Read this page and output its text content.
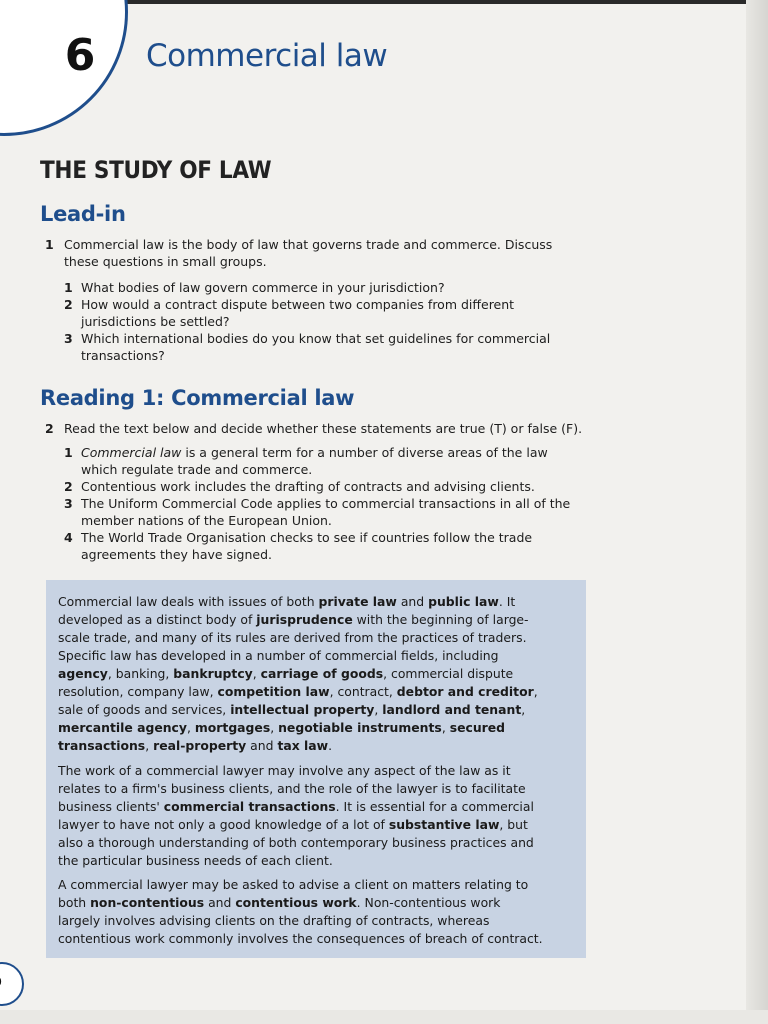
6	Commercial law
THE STUDY OF LAW
Lead-in
1 Commercial law is the body of law that governs trade and commerce. Discuss these questions in small groups.
1 What bodies of law govern commerce in your jurisdiction?
2 How would a contract dispute between two companies from different jurisdictions be settled?
3 Which international bodies do you know that set guidelines for commercial transactions?
Reading 1: Commercial law
2 Read the text below and decide whether these statements are true (T) or false (F).
1 Commercial law is a general term for a number of diverse areas of the law which regulate trade and commerce.
2 Contentious work includes the drafting of contracts and advising clients.
3 The Uniform Commercial Code applies to commercial transactions in all of the member nations of the European Union.
4 The World Trade Organisation checks to see if countries follow the trade agreements they have signed.

Commercial law deals with issues of both private law and public law. It developed as a distinct body of jurisprudence with the beginning of large-scale trade, and many of its rules are derived from the practices of traders. Specific law has developed in a number of commercial fields, including agency, banking, bankruptcy, carriage of goods, commercial dispute resolution, company law, competition law, contract, debtor and creditor, sale of goods and services, intellectual property, landlord and tenant, mercantile agency, mortgages, negotiable instruments, secured transactions, real-property and tax law.

The work of a commercial lawyer may involve any aspect of the law as it relates to a firm's business clients, and the role of the lawyer is to facilitate business clients' commercial transactions. It is essential for a commercial lawyer to have not only a good knowledge of a lot of substantive law, but also a thorough understanding of both contemporary business practices and the particular business needs of each client.

A commercial lawyer may be asked to advise a client on matters relating to both non-contentious and contentious work. Non-contentious work largely involves advising clients on the drafting of contracts, whereas contentious work commonly involves the consequences of breach of contract.
